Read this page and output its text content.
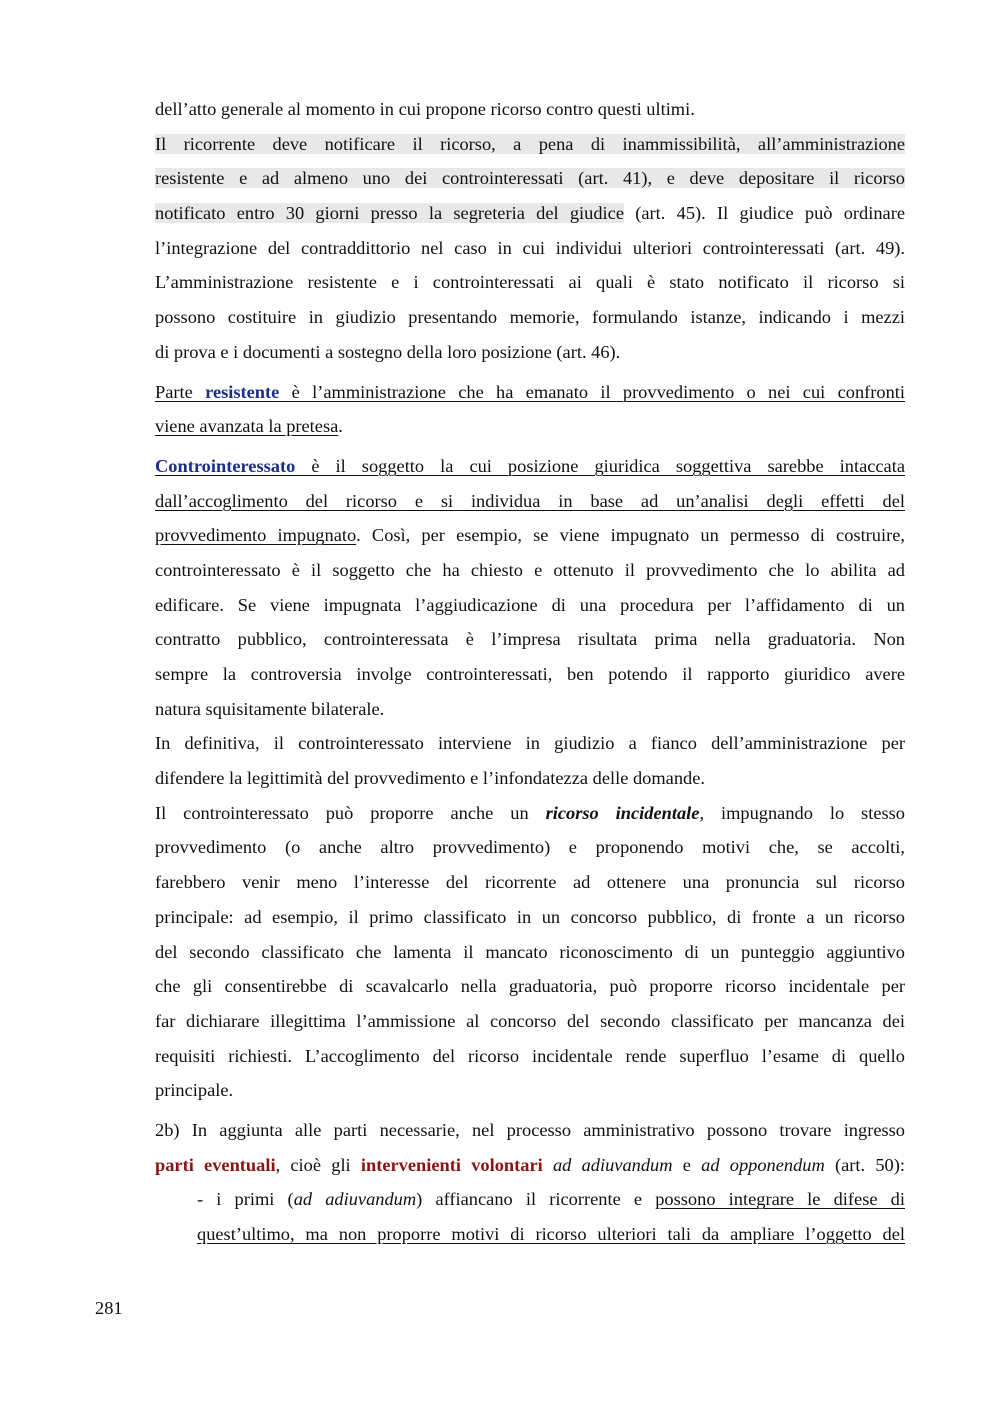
dell’atto generale al momento in cui propone ricorso contro questi ultimi.
Il ricorrente deve notificare il ricorso, a pena di inammissibilità, all’amministrazione
resistente e ad almeno uno dei controinteressati (art. 41), e deve depositare il ricorso
notificato entro 30 giorni presso la segreteria del giudice (art. 45). Il giudice può ordinare
l’integrazione del contraddittorio nel caso in cui individui ulteriori controinteressati (art. 49).
L’amministrazione resistente e i controinteressati ai quali è stato notificato il ricorso si
possono costituire in giudizio presentando memorie, formulando istanze, indicando i mezzi
di prova e i documenti a sostegno della loro posizione (art. 46).
Parte resistente è l’amministrazione che ha emanato il provvedimento o nei cui confronti
viene avanzata la pretesa.
Controinteressato è il soggetto la cui posizione giuridica soggettiva sarebbe intaccata
dall’accoglimento del ricorso e si individua in base ad un’analisi degli effetti del
provvedimento impugnato. Così, per esempio, se viene impugnato un permesso di costruire,
controinteressato è il soggetto che ha chiesto e ottenuto il provvedimento che lo abilita ad
edificare. Se viene impugnata l’aggiudicazione di una procedura per l’affidamento di un
contratto pubblico, controinteressata è l’impresa risultata prima nella graduatoria. Non
sempre la controversia involge controinteressati, ben potendo il rapporto giuridico avere
natura squisitamente bilaterale.
In definitiva, il controinteressato interviene in giudizio a fianco dell’amministrazione per
difendere la legittimità del provvedimento e l’infondatezza delle domande.
Il controinteressato può proporre anche un ricorso incidentale, impugnando lo stesso
provvedimento (o anche altro provvedimento) e proponendo motivi che, se accolti,
farebbero venir meno l’interesse del ricorrente ad ottenere una pronuncia sul ricorso
principale: ad esempio, il primo classificato in un concorso pubblico, di fronte a un ricorso
del secondo classificato che lamenta il mancato riconoscimento di un punteggio aggiuntivo
che gli consentirebbe di scavalcarlo nella graduatoria, può proporre ricorso incidentale per
far dichiarare illegittima l’ammissione al concorso del secondo classificato per mancanza dei
requisiti richiesti. L’accoglimento del ricorso incidentale rende superfluo l’esame di quello
principale.
2b) In aggiunta alle parti necessarie, nel processo amministrativo possono trovare ingresso
parti eventuali, cioè gli intervenienti volontari ad adiuvandum e ad opponendum (art. 50):
- i primi (ad adiuvandum) affiancano il ricorrente e possono integrare le difese di
quest’ultimo, ma non proporre motivi di ricorso ulteriori tali da ampliare l’oggetto del
281
